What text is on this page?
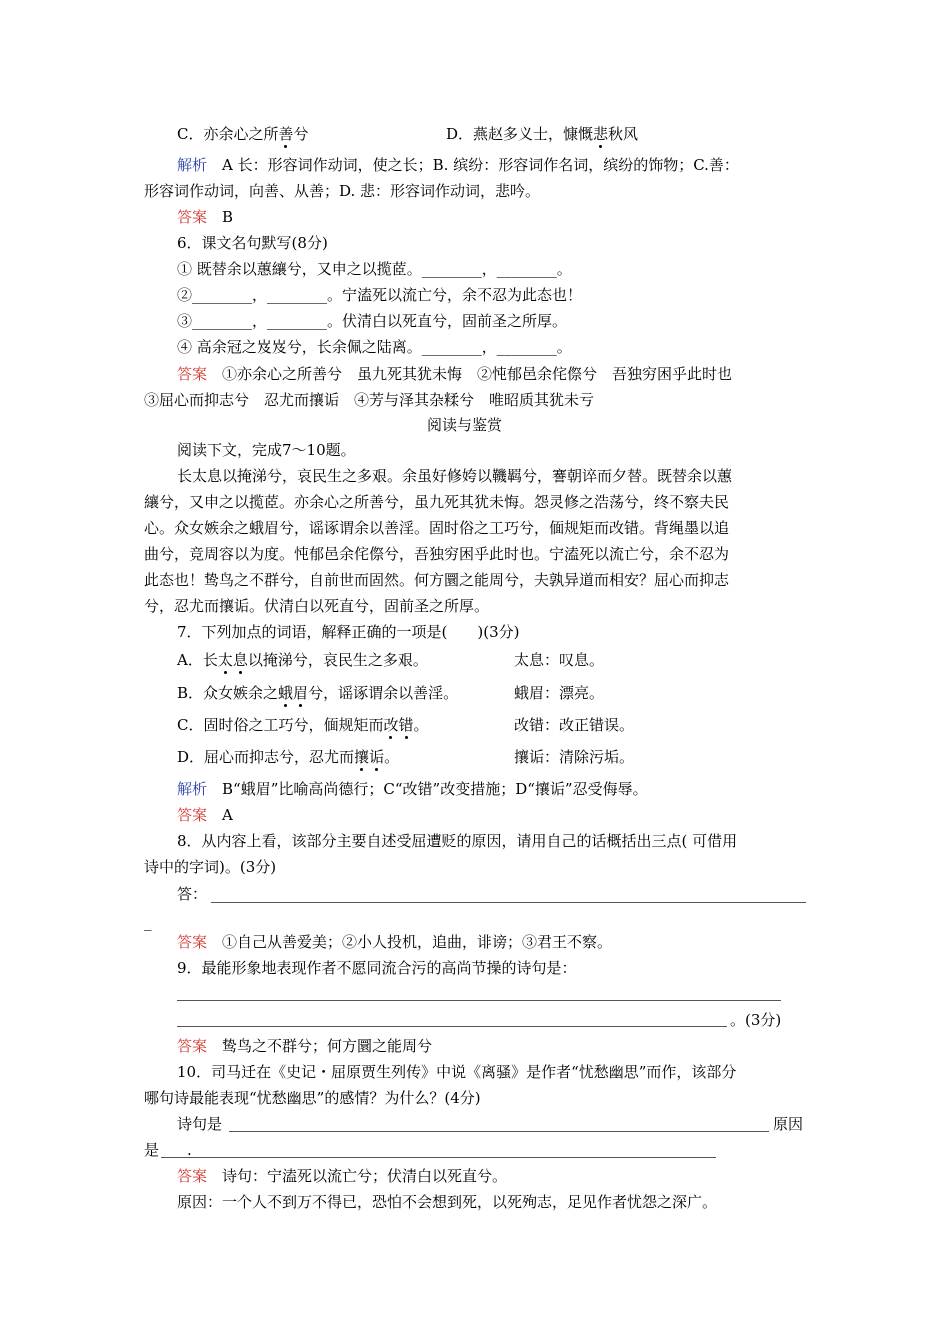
C．亦余心之所善兮	D．燕赵多义士，慷慨悲秋风
解析　 A 长：形容词作动词，使之长；B. 缤纷：形容词作名词，缤纷的饰物；C.善：
形容词作动词，向善、从善；D. 悲：形容词作动词，悲吟。
答案　 B
6．课文名句默写(8分)
① 既替余以蕙纕兮，又申之以揽茝。________，________。
②________，________。宁溘死以流亡兮，余不忍为此态也！
③________，________。伏清白以死直兮，固前圣之所厚。
④ 高余冠之岌岌兮，长余佩之陆离。________，________。
答案　 ①亦余心之所善兮　虽九死其犹未悔　②忳郁邑余侘傺兮　吾独穷困乎此时也
③屈心而抑志兮　忍尤而攘诟　④芳与泽其杂糅兮　唯昭质其犹未亏
阅读与鉴赏
阅读下文，完成7～10题。
长太息以掩涕兮，哀民生之多艰。余虽好修姱以鞿羁兮，謇朝谇而夕替。既替余以蕙
纕兮，又申之以揽茝。亦余心之所善兮，虽九死其犹未悔。怨灵修之浩荡兮，终不察夫民
心。众女嫉余之蛾眉兮，谣诼谓余以善淫。固时俗之工巧兮，偭规矩而改错。背绳墨以追
曲兮，竞周容以为度。忳郁邑余侘傺兮，吾独穷困乎此时也。宁溘死以流亡兮，余不忍为
此态也！鸷鸟之不群兮，自前世而固然。何方圜之能周兮，夫孰异道而相安？屈心而抑志
兮，忍尤而攘诟。伏清白以死直兮，固前圣之所厚。
7．下列加点的词语，解释正确的一项是(　　)(3分)
A．长太息以掩涕兮，哀民生之多艰。	太息：叹息。
B．众女嫉余之蛾眉兮，谣诼谓余以善淫。	蛾眉：漂亮。
C．固时俗之工巧兮，偭规矩而改错。	改错：改正错误。
D．屈心而抑志兮，忍尤而攘诟。	攘诟：清除污垢。
解析　 B“蛾眉”比喻高尚德行；C“改错”改变措施；D“攘诟”忍受侮辱。
答案　 A
8．从内容上看，该部分主要自述受屈遭贬的原因，请用自己的话概括出三点( 可借用
诗中的字词)。(3分)
答：
_
答案　 ①自己从善爱美；②小人投机，追曲，诽谤；③君王不察。
9．最能形象地表现作者不愿同流合污的高尚节操的诗句是：
。(3分)
答案　 鸷鸟之不群兮；何方圜之能周兮
10．司马迁在《史记・屈原贾生列传》中说《离骚》是作者“忧愁幽思”而作，该部分
哪句诗最能表现“忧愁幽思”的感情？为什么？(4分)
诗句是	原因
是 .
答案　 诗句：宁溘死以流亡兮；伏清白以死直兮。
原因：一个人不到万不得已，恐怕不会想到死，以死殉志，足见作者忧怨之深广。
